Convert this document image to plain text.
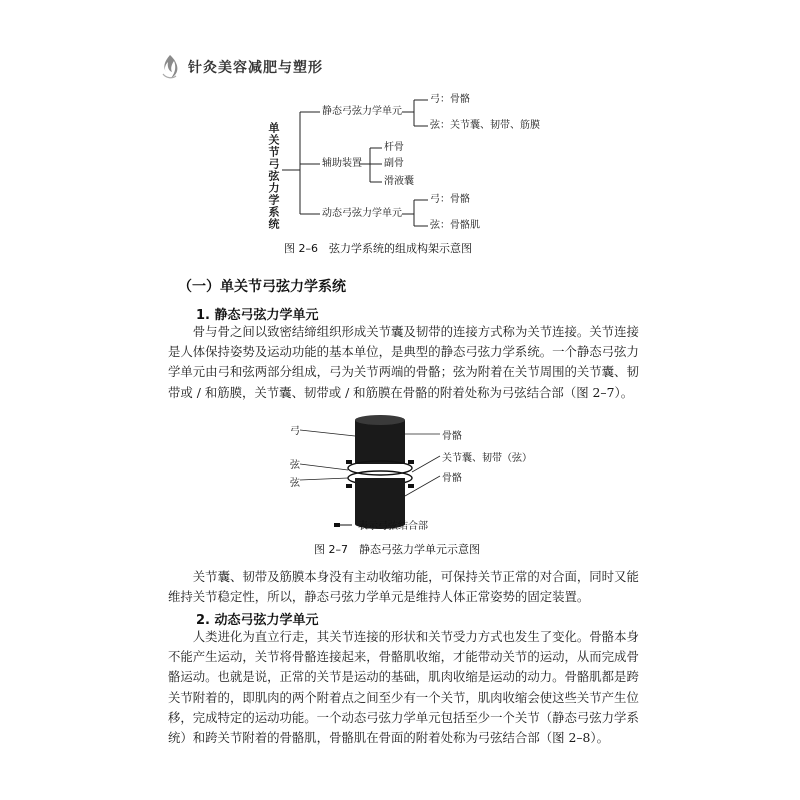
针灸美容减肥与塑形
单关节弓弦力学系统
静态弓弦力学单元
弓：骨骼
弦：关节囊、韧带、筋膜
辅助装置
杆骨
副骨
滑液囊
动态弓弦力学单元
弓：骨骼
弦：骨骼肌
图 2–6　弦力学系统的组成构架示意图
（一）单关节弓弦力学系统
1. 静态弓弦力学单元
骨与骨之间以致密结缔组织形成关节囊及韧带的连接方式称为关节连接。关节连接
是人体保持姿势及运动功能的基本单位，是典型的静态弓弦力学系统。一个静态弓弦力
学单元由弓和弦两部分组成，弓为关节两端的骨骼；弦为附着在关节周围的关节囊、韧
带或 / 和筋膜，关节囊、韧带或 / 和筋膜在骨骼的附着处称为弓弦结合部（图 2–7）。
弓
弦
弦
骨骼
关节囊、韧带（弦）
骨骼
表示弓弦结合部
图 2–7　静态弓弦力学单元示意图
关节囊、韧带及筋膜本身没有主动收缩功能，可保持关节正常的对合面，同时又能
维持关节稳定性，所以，静态弓弦力学单元是维持人体正常姿势的固定装置。
2. 动态弓弦力学单元
人类进化为直立行走，其关节连接的形状和关节受力方式也发生了变化。骨骼本身
不能产生运动，关节将骨骼连接起来，骨骼肌收缩，才能带动关节的运动，从而完成骨
骼运动。也就是说，正常的关节是运动的基础，肌肉收缩是运动的动力。骨骼肌都是跨
关节附着的，即肌肉的两个附着点之间至少有一个关节，肌肉收缩会使这些关节产生位
移，完成特定的运动功能。一个动态弓弦力学单元包括至少一个关节（静态弓弦力学系
统）和跨关节附着的骨骼肌，骨骼肌在骨面的附着处称为弓弦结合部（图 2–8）。
